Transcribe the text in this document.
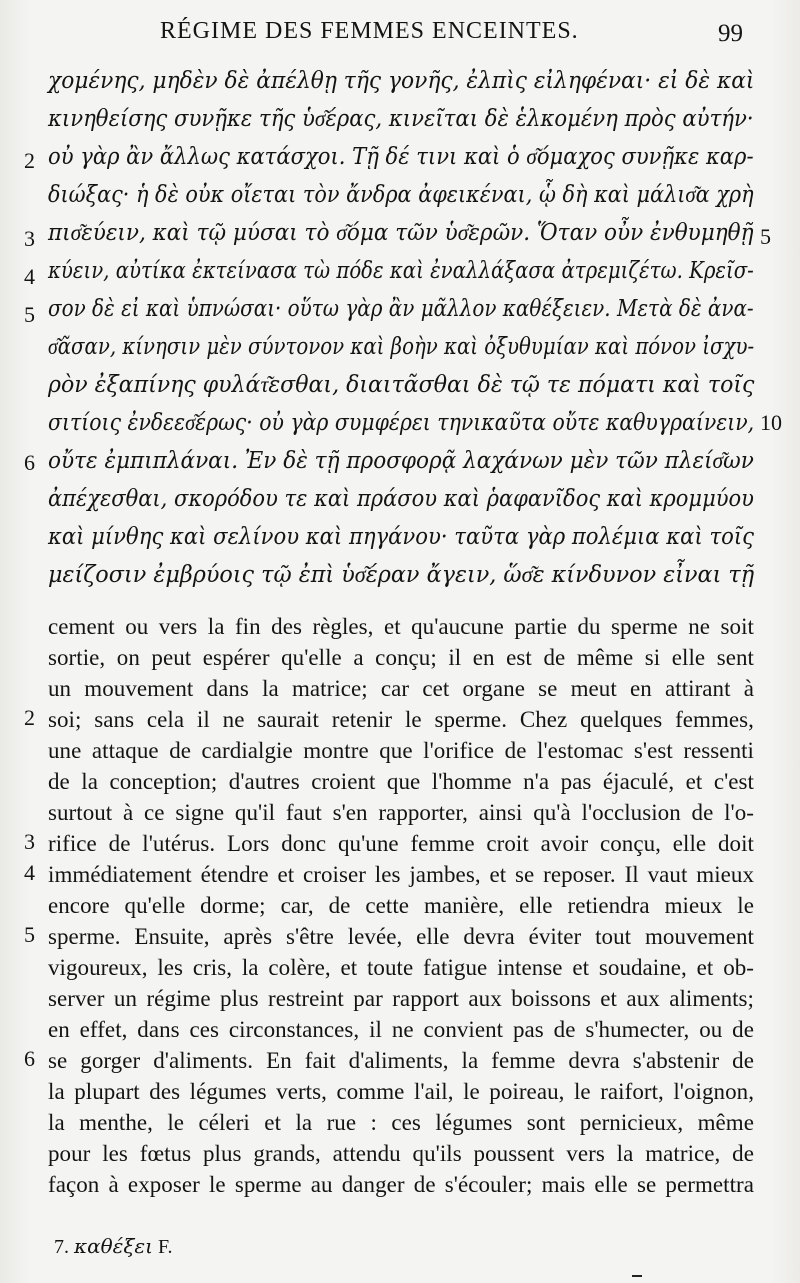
RÉGIME DES FEMMES ENCEINTES.	99
χομένης, μηδὲν δὲ ἀπέλθῃ τῆς γονῆς, ἐλπὶς εἰληφέναι· εἰ δὲ καὶ
κινηθείσης συνῇκε τῆς ὑσ͂έρας, κινεῖται δὲ ἑλκομένη πρὸς αὐτήν·
οὐ γὰρ ἂν ἄλλως κατάσχοι. Τῇ δέ τινι καὶ ὁ σ͂όμαχος συνῇκε καρ-
διώξας· ἡ δὲ οὐκ οἴεται τὸν ἄνδρα ἀφεικέναι, ᾧ δὴ καὶ μάλισ͂α χρὴ
πισ͂εύειν, καὶ τῷ μύσαι τὸ σ͂όμα τῶν ὑσ͂ερῶν. Ὅταν οὖν ἐνθυμηθῇ
κύειν, αὐτίκα ἐκτείνασα τὼ πόδε καὶ ἐναλλάξασα ἀτρεμιζέτω. Κρεῖσ-
σον δὲ εἰ καὶ ὑπνώσαι· οὕτω γὰρ ἂν μᾶλλον καθέξειεν. Μετὰ δὲ ἀνα-
σ͂ᾶσαν, κίνησιν μὲν σύντονον καὶ βοὴν καὶ ὀξυθυμίαν καὶ πόνον ἰσχυ-
ρὸν ἐξαπίνης φυλάτ͂εσθαι, διαιτᾶσθαι δὲ τῷ τε πόματι καὶ τοῖς
σιτίοις ἐνδεεσ͂έρως· οὐ γὰρ συμφέρει τηνικαῦτα οὔτε καθυγραίνειν,
οὔτε ἐμπιπλάναι. Ἐν δὲ τῇ προσφορᾷ λαχάνων μὲν τῶν πλείσ͂ων
ἀπέχεσθαι, σκορόδου τε καὶ πράσου καὶ ῥαφανῖδος καὶ κρομμύου
καὶ μίνθης καὶ σελίνου καὶ πηγάνου· ταῦτα γὰρ πολέμια καὶ τοῖς
μείζοσιν ἐμβρύοις τῷ ἐπὶ ὑσ͂έραν ἄγειν, ὥσ͂ε κίνδυνον εἶναι τῇ
2
3
4
5
6
5
10
cement ou vers la fin des règles, et qu'aucune partie du sperme ne soit
sortie, on peut espérer qu'elle a conçu; il en est de même si elle sent
un mouvement dans la matrice; car cet organe se meut en attirant à
soi; sans cela il ne saurait retenir le sperme. Chez quelques femmes,
une attaque de cardialgie montre que l'orifice de l'estomac s'est ressenti
de la conception; d'autres croient que l'homme n'a pas éjaculé, et c'est
surtout à ce signe qu'il faut s'en rapporter, ainsi qu'à l'occlusion de l'o-
rifice de l'utérus. Lors donc qu'une femme croit avoir conçu, elle doit
immédiatement étendre et croiser les jambes, et se reposer. Il vaut mieux
encore qu'elle dorme; car, de cette manière, elle retiendra mieux le
sperme. Ensuite, après s'être levée, elle devra éviter tout mouvement
vigoureux, les cris, la colère, et toute fatigue intense et soudaine, et ob-
server un régime plus restreint par rapport aux boissons et aux aliments;
en effet, dans ces circonstances, il ne convient pas de s'humecter, ou de
se gorger d'aliments. En fait d'aliments, la femme devra s'abstenir de
la plupart des légumes verts, comme l'ail, le poireau, le raifort, l'oignon,
la menthe, le céleri et la rue : ces légumes sont pernicieux, même
pour les fœtus plus grands, attendu qu'ils poussent vers la matrice, de
façon à exposer le sperme au danger de s'écouler; mais elle se permettra
2
3
4
5
6
7. καθέξει F.
